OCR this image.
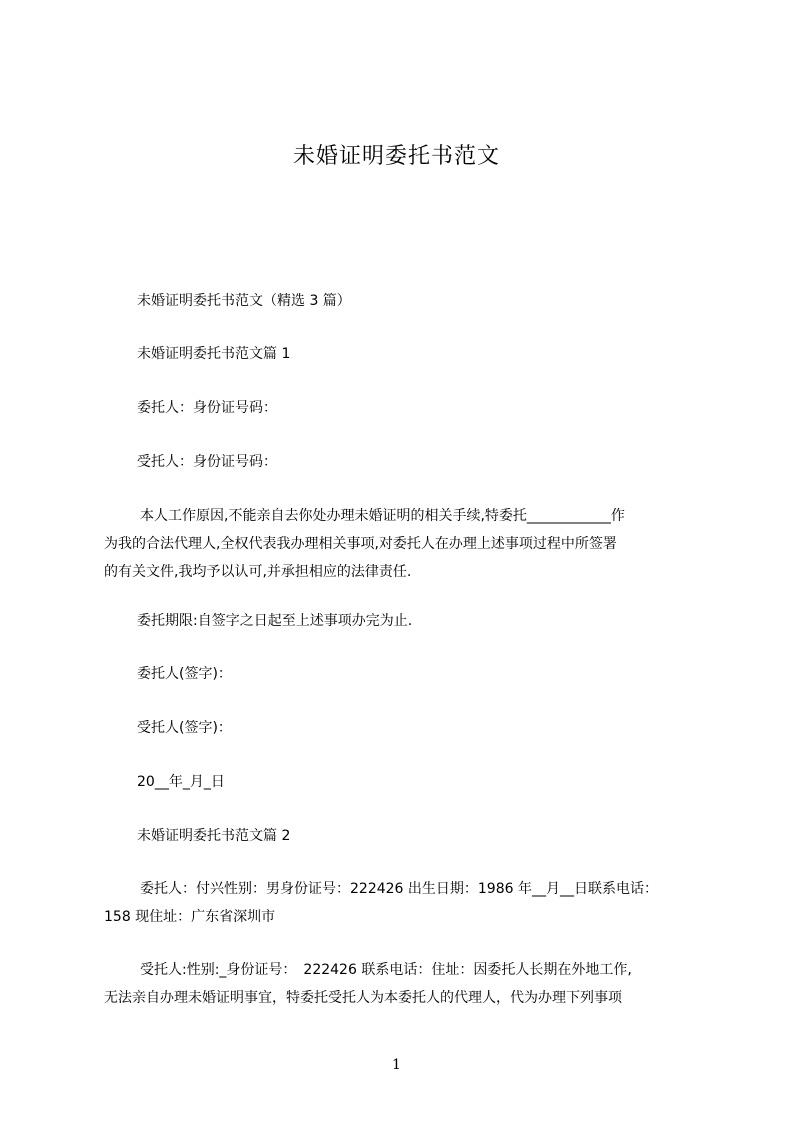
未婚证明委托书范文
未婚证明委托书范文（精选 3 篇）
未婚证明委托书范文篇 1
委托人：身份证号码：
受托人：身份证号码：
本人工作原因,不能亲自去你处办理未婚证明的相关手续,特委托____________作
为我的合法代理人,全权代表我办理相关事项,对委托人在办理上述事项过程中所签署
的有关文件,我均予以认可,并承担相应的法律责任.
委托期限:自签字之日起至上述事项办完为止.
委托人(签字)：
受托人(签字)：
20__年_月_日
未婚证明委托书范文篇 2
委托人：付兴性别：男身份证号：222426 出生日期：1986 年__月__日联系电话：
158 现住址：广东省深圳市
受托人:性别:_身份证号：　222426 联系电话：住址：因委托人长期在外地工作,
无法亲自办理未婚证明事宜，特委托受托人为本委托人的代理人，代为办理下列事项
1
